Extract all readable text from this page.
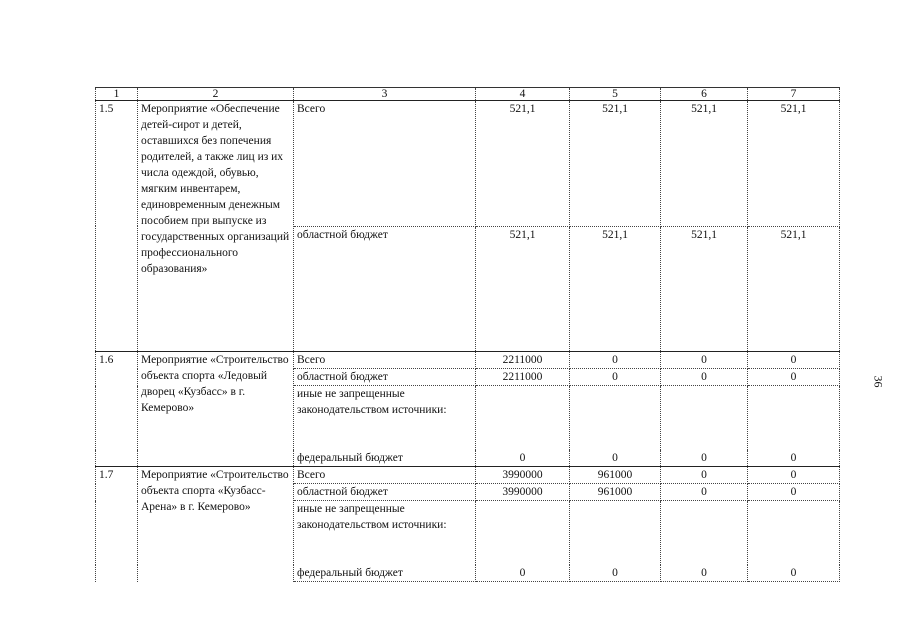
1	2	3	4	5	6	7
1.5	Мероприятие «Обеспечение детей-сирот и детей, оставшихся без попечения родителей, а также лиц из их числа одеждой, обувью, мягким инвентарем, единовременным денежным пособием при выпуске из государственных организаций профессионального образования»	Всего	521,1	521,1	521,1	521,1
		областной бюджет	521,1	521,1	521,1	521,1
1.6	Мероприятие «Строительство объекта спорта «Ледовый дворец «Кузбасс» в г. Кемерово»	Всего	2211000	0	0	0
		областной бюджет	2211000	0	0	0
		иные не запрещенные законодательством источники:				
		федеральный бюджет	0	0	0	0
1.7	Мероприятие «Строительство объекта спорта «Кузбасс-Арена» в г. Кемерово»	Всего	3990000	961000	0	0
		областной бюджет	3990000	961000	0	0
		иные не запрещенные законодательством источники:				
		федеральный бюджет	0	0	0	0
36
